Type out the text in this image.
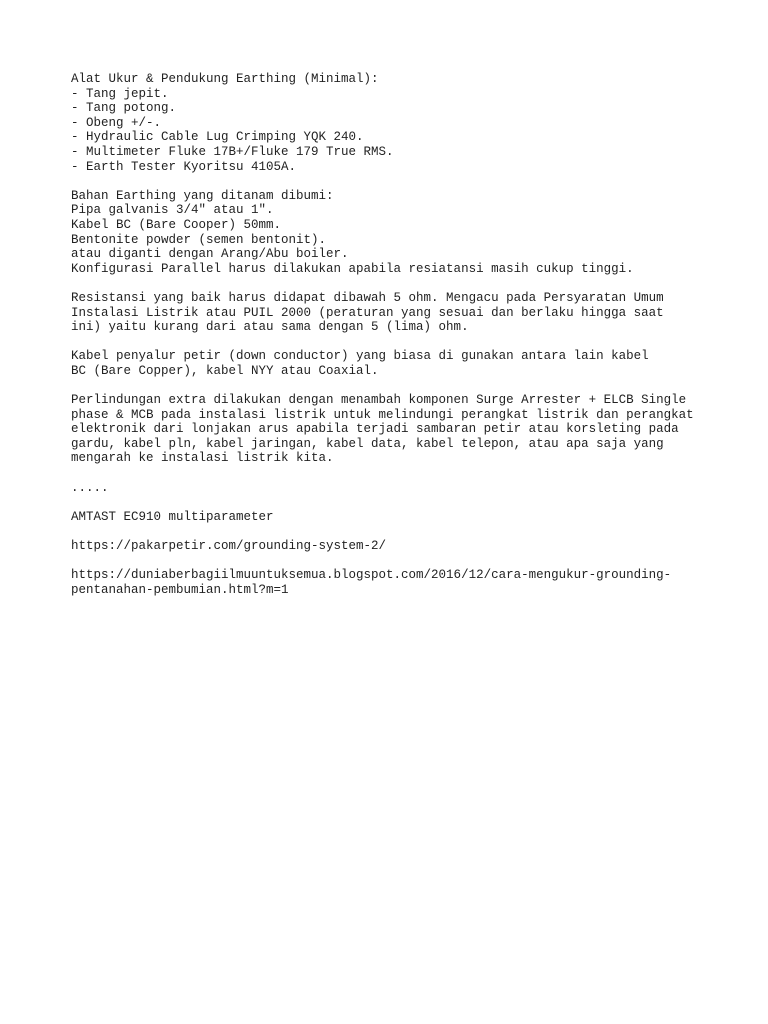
Alat Ukur & Pendukung Earthing (Minimal):
- Tang jepit.
- Tang potong.
- Obeng +/-.
- Hydraulic Cable Lug Crimping YQK 240.
- Multimeter Fluke 17B+/Fluke 179 True RMS.
- Earth Tester Kyoritsu 4105A.
Bahan Earthing yang ditanam dibumi:
Pipa galvanis 3/4" atau 1".
Kabel BC (Bare Cooper) 50mm.
Bentonite powder (semen bentonit).
atau diganti dengan Arang/Abu boiler.
Konfigurasi Parallel harus dilakukan apabila resiatansi masih cukup tinggi.
Resistansi yang baik harus didapat dibawah 5 ohm. Mengacu pada Persyaratan Umum
Instalasi Listrik atau PUIL 2000 (peraturan yang sesuai dan berlaku hingga saat
ini) yaitu kurang dari atau sama dengan 5 (lima) ohm.
Kabel penyalur petir (down conductor) yang biasa di gunakan antara lain kabel
BC (Bare Copper), kabel NYY atau Coaxial.
Perlindungan extra dilakukan dengan menambah komponen Surge Arrester + ELCB Single
phase & MCB pada instalasi listrik untuk melindungi perangkat listrik dan perangkat
elektronik dari lonjakan arus apabila terjadi sambaran petir atau korsleting pada
gardu, kabel pln, kabel jaringan, kabel data, kabel telepon, atau apa saja yang
mengarah ke instalasi listrik kita.
.....
AMTAST EC910 multiparameter
https://pakarpetir.com/grounding-system-2/
https://duniaberbagiilmuuntuksemua.blogspot.com/2016/12/cara-mengukur-grounding-
pentanahan-pembumian.html?m=1
